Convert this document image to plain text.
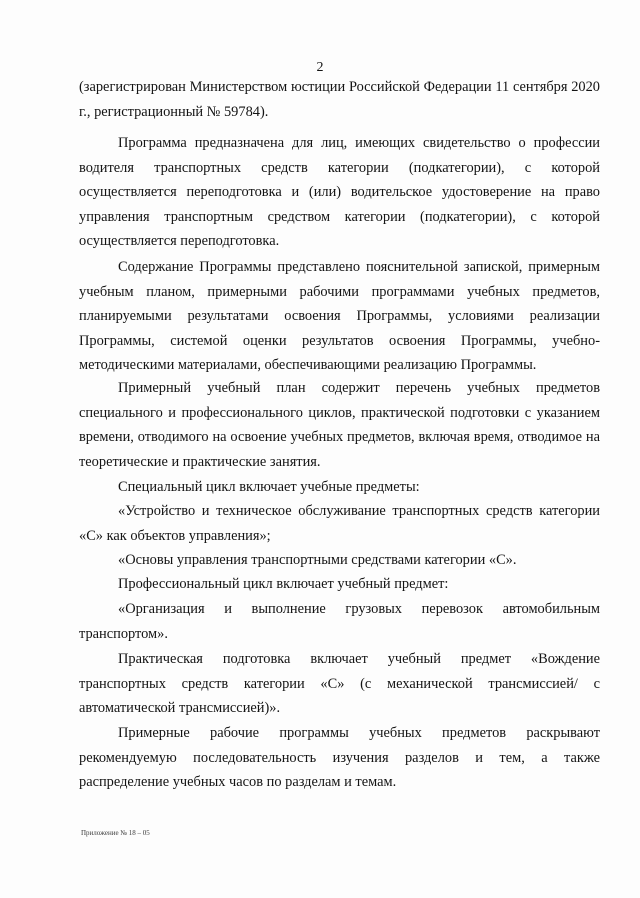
2

(зарегистрирован Министерством юстиции Российской Федерации 11 сентября 2020 г., регистрационный № 59784).

Программа предназначена для лиц, имеющих свидетельство о профессии водителя транспортных средств категории (подкатегории), с которой осуществляется переподготовка и (или) водительское удостоверение на право управления транспортным средством категории (подкатегории), с которой осуществляется переподготовка.

Содержание Программы представлено пояснительной запиской, примерным учебным планом, примерными рабочими программами учебных предметов, планируемыми результатами освоения Программы, условиями реализации Программы, системой оценки результатов освоения Программы, учебно-методическими материалами, обеспечивающими реализацию Программы.

Примерный учебный план содержит перечень учебных предметов специального и профессионального циклов, практической подготовки с указанием времени, отводимого на освоение учебных предметов, включая время, отводимое на теоретические и практические занятия.

Специальный цикл включает учебные предметы:

«Устройство и техническое обслуживание транспортных средств категории «С» как объектов управления»;

«Основы управления транспортными средствами категории «С».

Профессиональный цикл включает учебный предмет:

«Организация и выполнение грузовых перевозок автомобильным транспортом».

Практическая подготовка включает учебный предмет «Вождение транспортных средств категории «С» (с механической трансмиссией/ с автоматической трансмиссией)».

Примерные рабочие программы учебных предметов раскрывают рекомендуемую последовательность изучения разделов и тем, а также распределение учебных часов по разделам и темам.

Приложение № 18 – 05
